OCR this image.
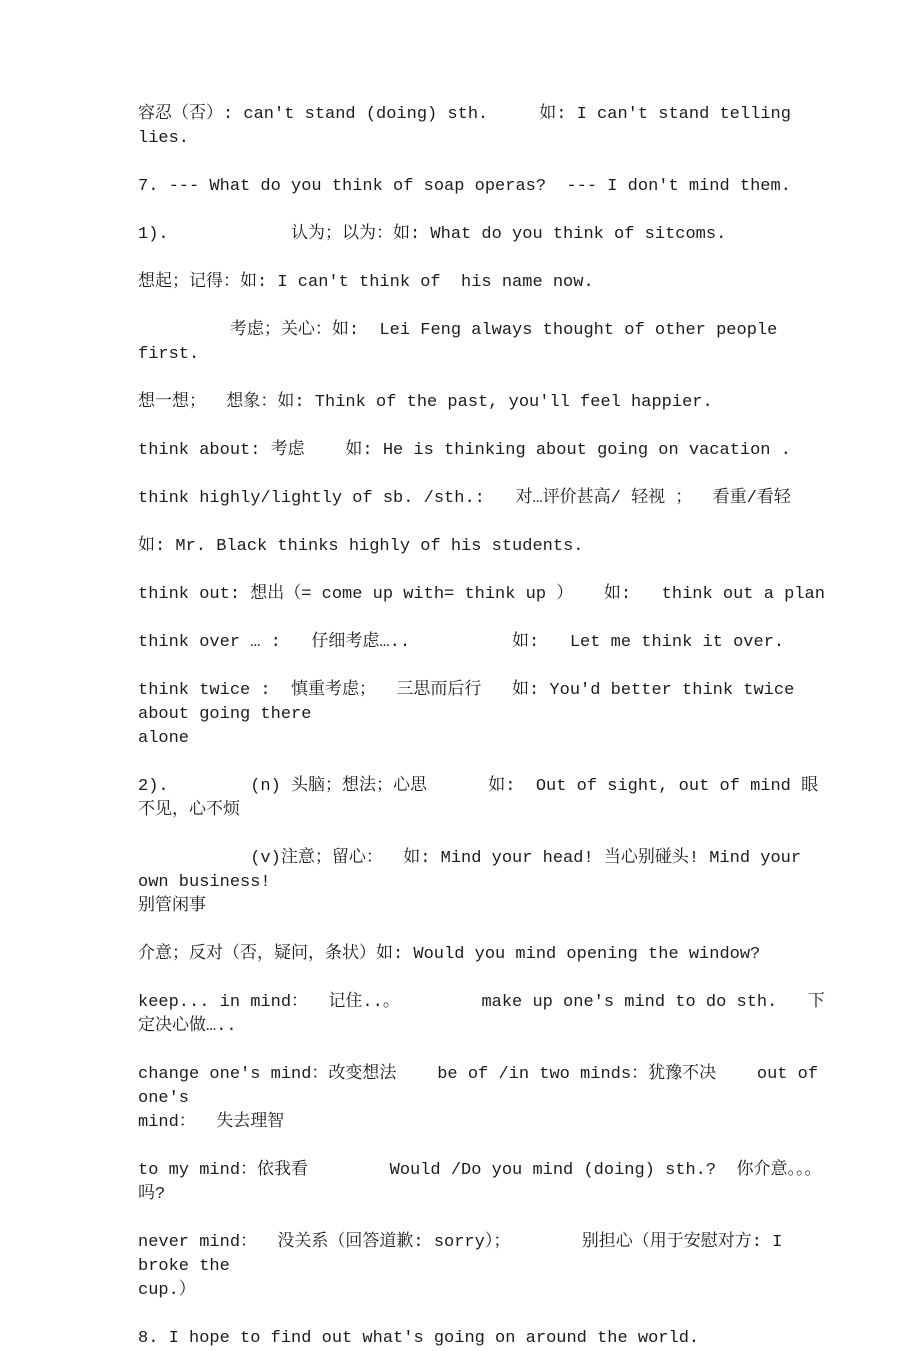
容忍（否）: can't stand (doing) sth.     如: I can't stand telling lies.

7. --- What do you think of soap operas?  --- I don't mind them.

1).            认为；以为：如: What do you think of sitcoms.

想起；记得：如: I can't think of  his name now.

考虑；关心：如:  Lei Feng always thought of other people first.

想一想；  想象：如: Think of the past, you'll feel happier.

think about: 考虑    如: He is thinking about going on vacation .

think highly/lightly of sb. /sth.:   对…评价甚高/ 轻视 ；  看重/看轻

如: Mr. Black thinks highly of his students.

think out: 想出（= come up with= think up ）   如:   think out a plan

think over … :   仔细考虑…..          如:   Let me think it over.

think twice :  慎重考虑；  三思而后行   如: You'd better think twice about going there

alone

2).        (n) 头脑；想法；心思      如:  Out of sight, out of mind 眼不见，心不烦

(v)注意；留心：  如: Mind your head! 当心别碰头! Mind your own business!

别管闲事

介意；反对（否，疑问，条状）如: Would you mind opening the window?

keep... in mind：  记住..。        make up one's mind to do sth.   下定决心做…..

change one's mind：改变想法    be of /in two minds：犹豫不决    out of one's

mind：  失去理智

to my mind：依我看        Would /Do you mind (doing) sth.?  你介意。。。吗?

never mind：  没关系（回答道歉: sorry）；       别担心（用于安慰对方: I broke the

cup.）

8. I hope to find out what's going on around the world.
